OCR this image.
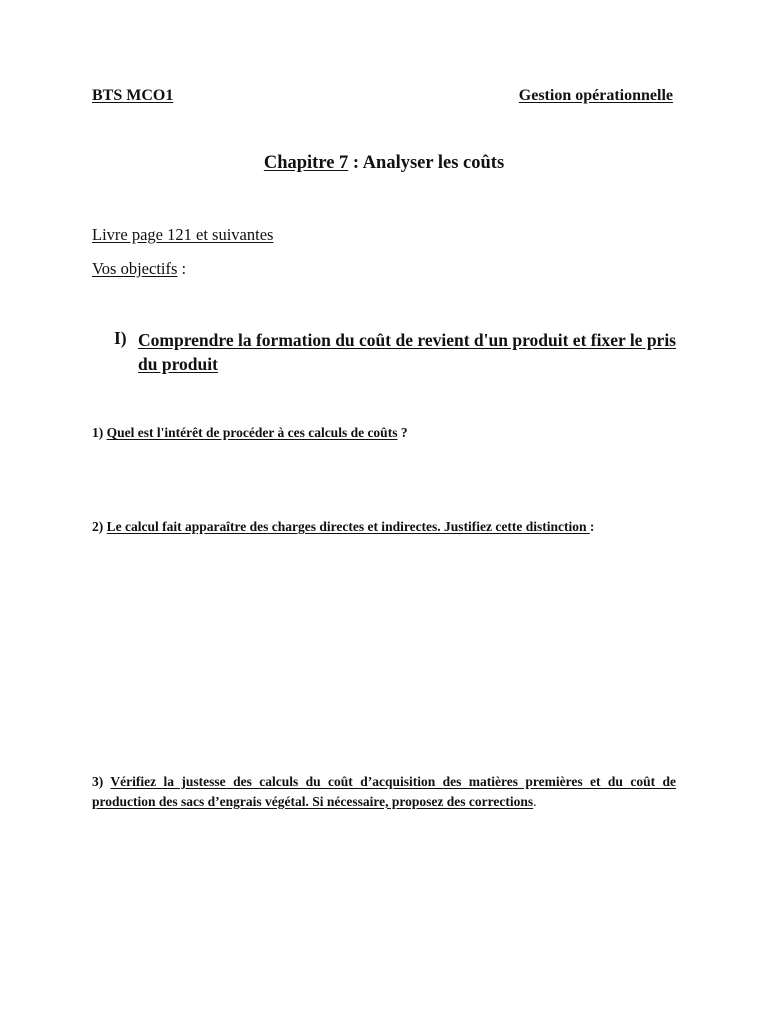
BTS MCO1	Gestion opérationnelle
Chapitre 7 : Analyser les coûts
Livre page 121 et suivantes
Vos objectifs :
I) Comprendre la formation du coût de revient d'un produit et fixer le pris du produit
1) Quel est l'intérêt de procéder à ces calculs de coûts ?
2) Le calcul fait apparaître des charges directes et indirectes. Justifiez cette distinction :
3) Vérifiez la justesse des calculs du coût d’acquisition des matières premières et du coût de production des sacs d’engrais végétal. Si nécessaire, proposez des corrections.
